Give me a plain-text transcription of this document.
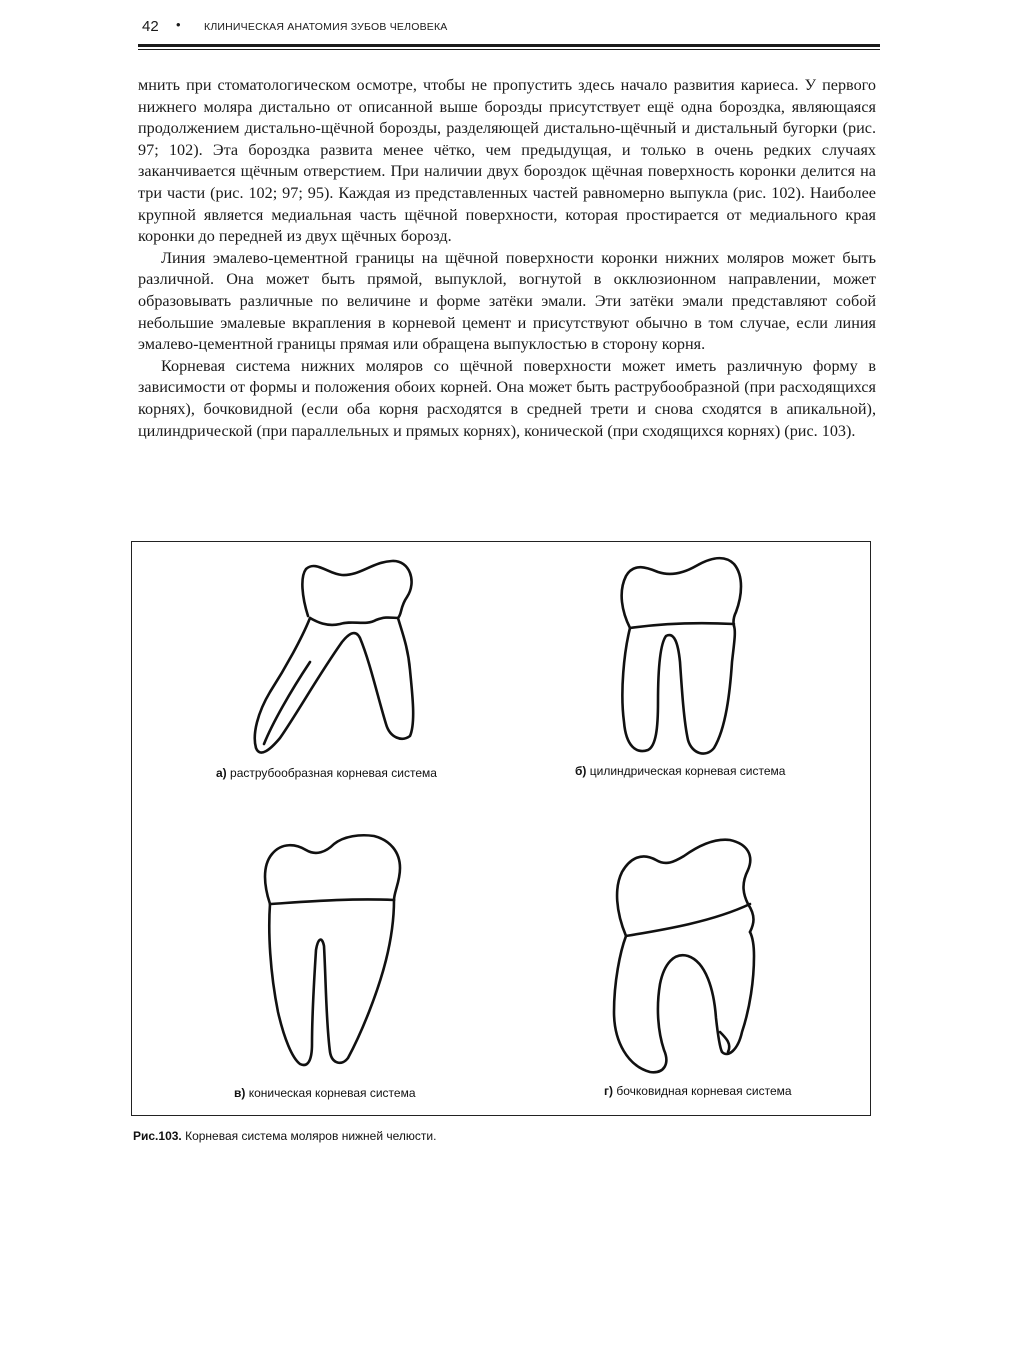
42 • КЛИНИЧЕСКАЯ АНАТОМИЯ ЗУБОВ ЧЕЛОВЕКА

мнить при стоматологическом осмотре, чтобы не пропустить здесь начало развития кариеса. У первого нижнего моляра дистально от описанной выше борозды присутствует ещё одна бороздка, являющаяся продолжением дистально-щёчной борозды, разделяющей дистально-щёчный и дистальный бугорки (рис. 97; 102). Эта бороздка развита менее чётко, чем предыдущая, и только в очень редких случаях заканчивается щёчным отверстием. При наличии двух бороздок щёчная поверхность коронки делится на три части (рис. 102; 97; 95). Каждая из представленных частей равномерно выпукла (рис. 102). Наиболее крупной является медиальная часть щёчной поверхности, которая простирается от медиального края коронки до передней из двух щёчных борозд.

Линия эмалево-цементной границы на щёчной поверхности коронки нижних моляров может быть различной. Она может быть прямой, выпуклой, вогнутой в окклюзионном направлении, может образовывать различные по величине и форме затёки эмали. Эти затёки эмали представляют собой небольшие эмалевые вкрапления в корневой цемент и присутствуют обычно в том случае, если линия эмалево-цементной границы прямая или обращена выпуклостью в сторону корня.

Корневая система нижних моляров со щёчной поверхности может иметь различную форму в зависимости от формы и положения обоих корней. Она может быть раструбообразной (при расходящихся корнях), бочковидной (если оба корня расходятся в средней трети и снова сходятся в апикальной), цилиндрической (при параллельных и прямых корнях), конической (при сходящихся корнях) (рис. 103).

а) раструбообразная корневая система	б) цилиндрическая корневая система
в) коническая корневая система	г) бочковидная корневая система
Рис.103. Корневая система моляров нижней челюсти.
